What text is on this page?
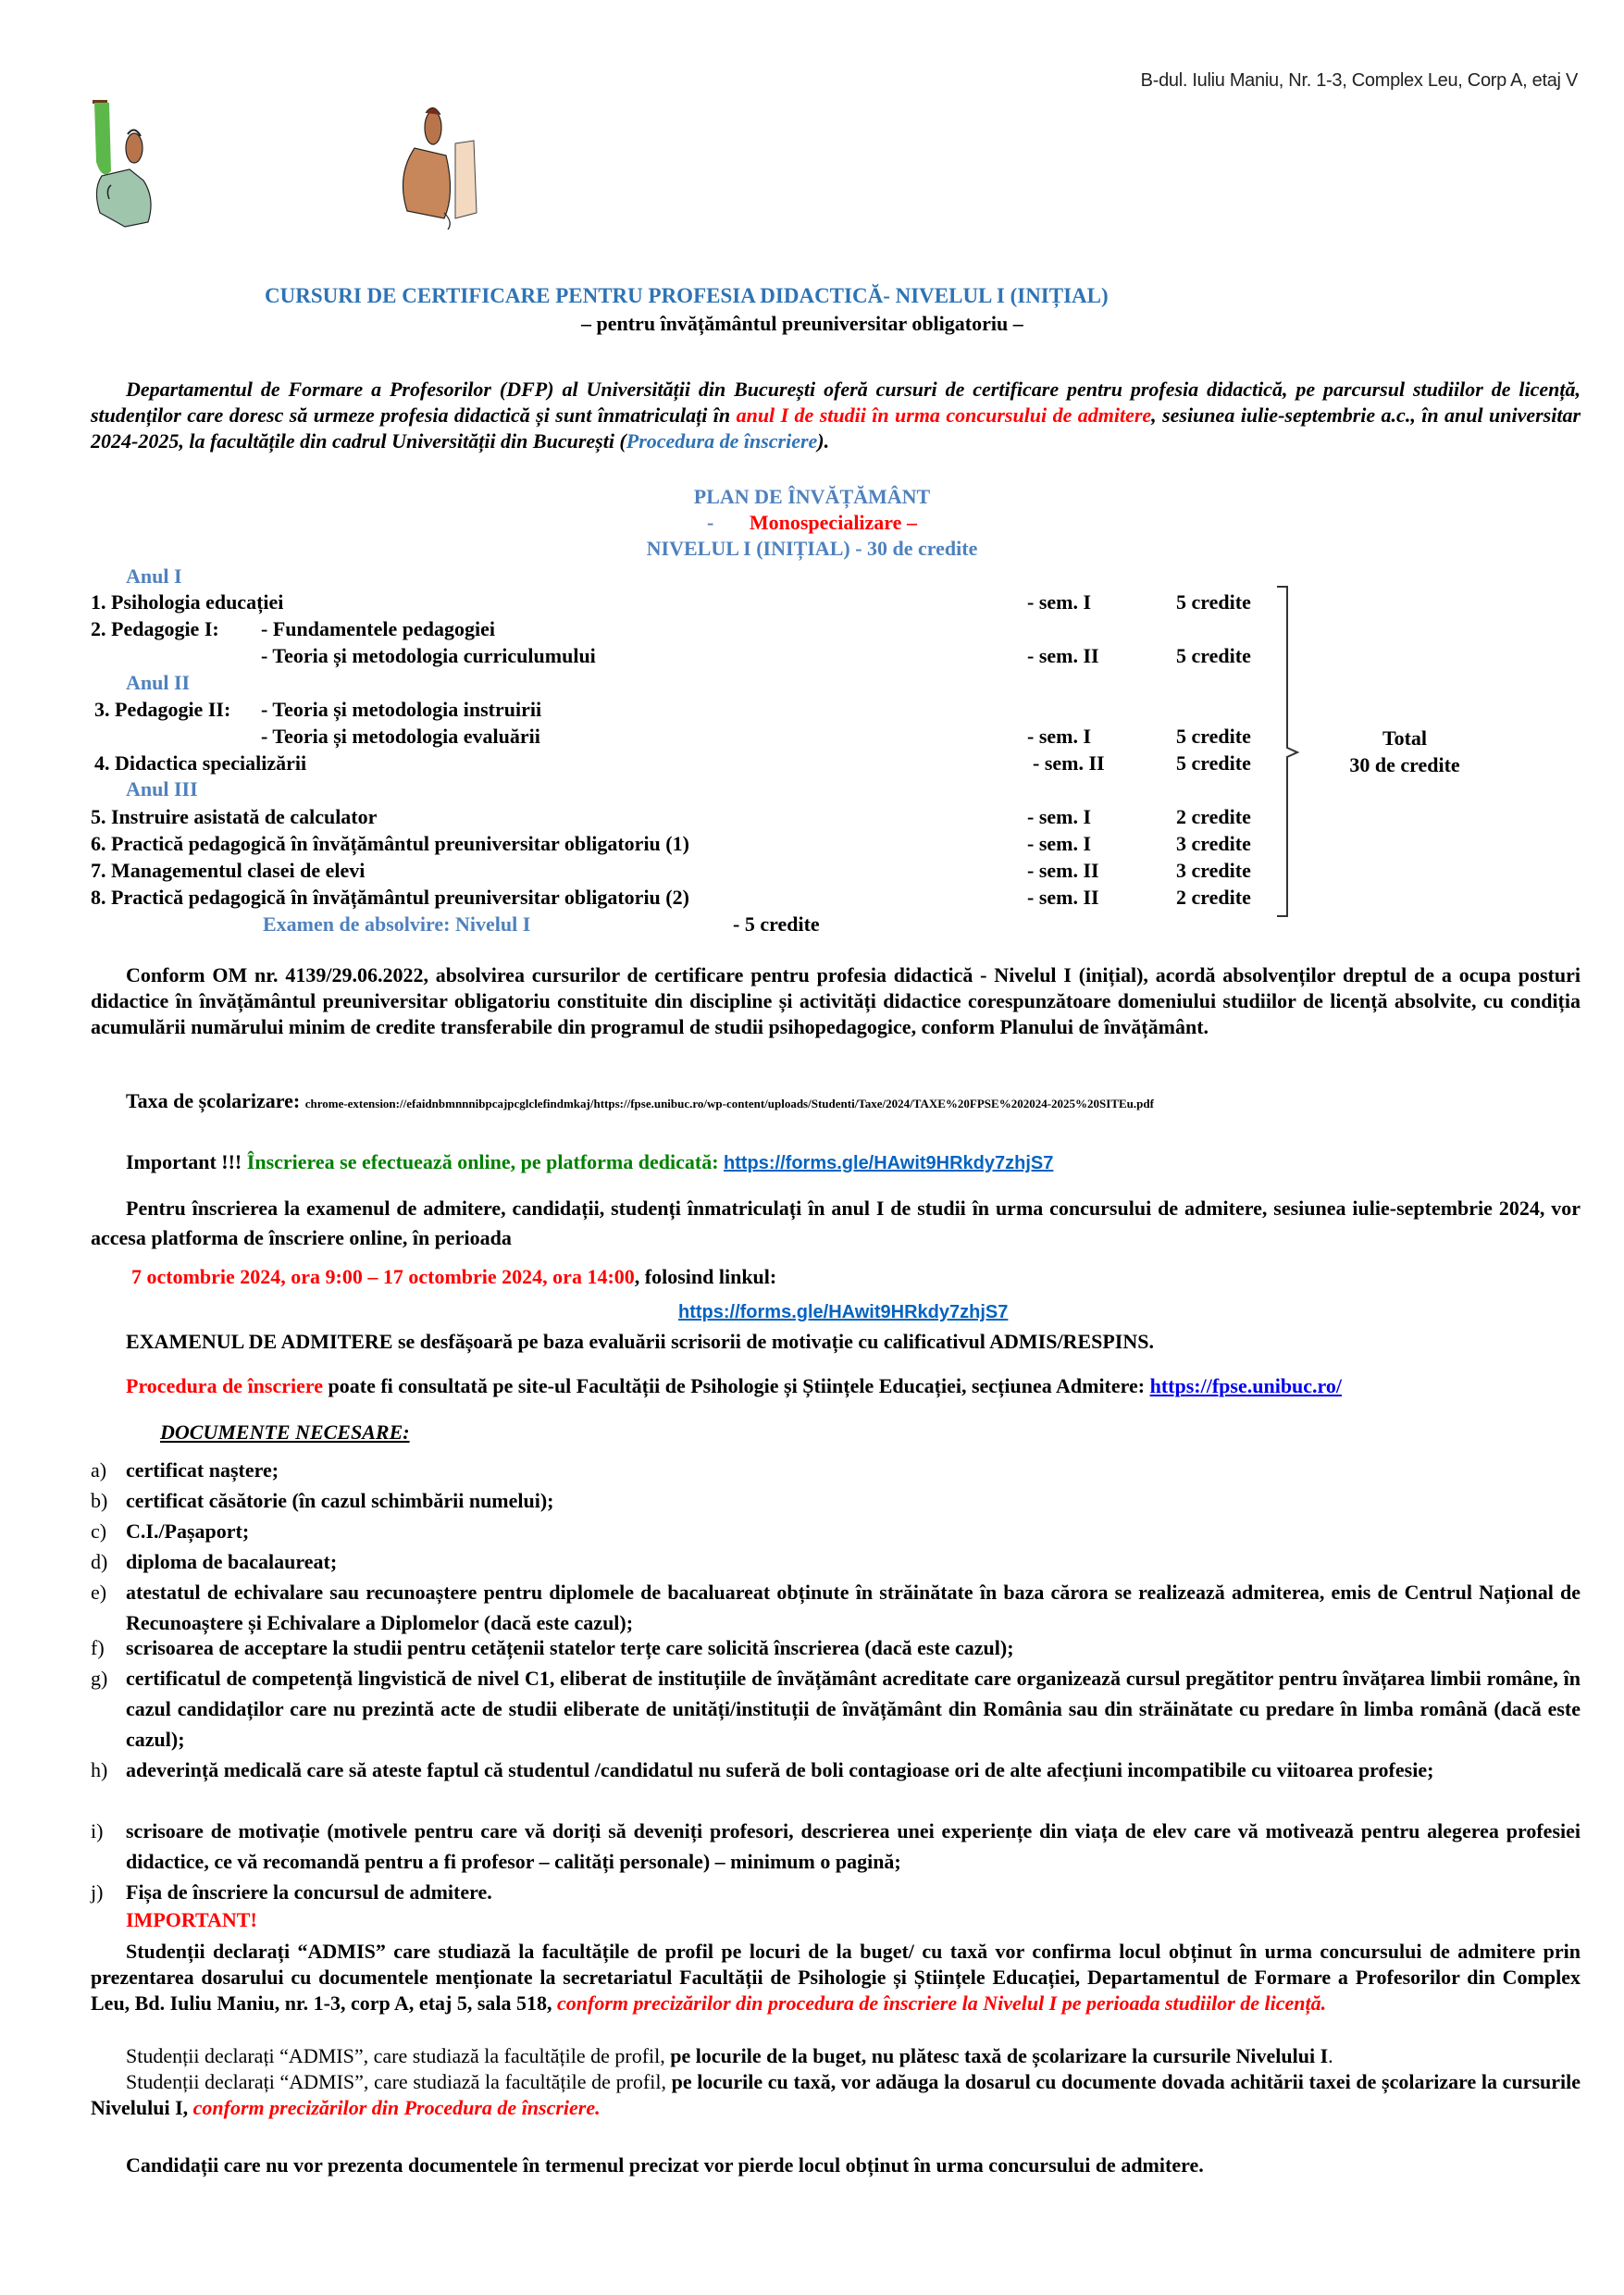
B-dul. Iuliu Maniu, Nr. 1-3, Complex Leu, Corp A, etaj V
CURSURI DE CERTIFICARE PENTRU PROFESIA DIDACTICĂ- NIVELUL I (INIȚIAL)
– pentru învățământul preuniversitar obligatoriu –
Departamentul de Formare a Profesorilor (DFP) al Universității din București oferă cursuri de certificare pentru profesia didactică, pe parcursul studiilor de licență, studenților care doresc să urmeze profesia didactică și sunt înmatriculați în anul I de studii în urma concursului de admitere, sesiunea iulie-septembrie a.c., în anul universitar 2024-2025, la facultățile din cadrul Universității din București (Procedura de înscriere).
PLAN DE ÎNVĂȚĂMÂNT
- Monospecializare –
NIVELUL I (INIȚIAL) - 30 de credite
Anul I
Anul II
Anul III
1. Psihologia educației	- sem. I	5 credite
2. Pedagogie I: - Fundamentele pedagogiei
- Teoria și metodologia curriculumului	- sem. II	5 credite
3. Pedagogie II: - Teoria și metodologia instruirii
- Teoria și metodologia evaluării	- sem. I	5 credite
4. Didactica specializării	- sem. II	5 credite
5. Instruire asistată de calculator	- sem. I	2 credite
6. Practică pedagogică în învățământul preuniversitar obligatoriu (1)	- sem. I	3 credite
7. Managementul clasei de elevi	- sem. II	3 credite
8. Practică pedagogică în învățământul preuniversitar obligatoriu (2)	- sem. II	2 credite
Examen de absolvire: Nivelul I	- 5 credite
Total
30 de credite
Conform OM nr. 4139/29.06.2022, absolvirea cursurilor de certificare pentru profesia didactică - Nivelul I (inițial), acordă absolvenților dreptul de a ocupa posturi didactice în învățământul preuniversitar obligatoriu constituite din discipline și activități didactice corespunzătoare domeniului studiilor de licență absolvite, cu condiția acumulării numărului minim de credite transferabile din programul de studii psihopedagogice, conform Planului de învățământ.
Taxa de școlarizare: chrome-extension://efaidnbmnnnibpcajpcglclefindmkaj/https://fpse.unibuc.ro/wp-content/uploads/Studenti/Taxe/2024/TAXE%20FPSE%202024-2025%20SITEu.pdf
Important !!! Înscrierea se efectuează online, pe platforma dedicată: https://forms.gle/HAwit9HRkdy7zhjS7
Pentru înscrierea la examenul de admitere, candidații, studenți înmatriculați în anul I de studii în urma concursului de admitere, sesiunea iulie-septembrie 2024, vor accesa platforma de înscriere online, în perioada
7 octombrie 2024, ora 9:00 – 17 octombrie 2024, ora 14:00, folosind linkul:
https://forms.gle/HAwit9HRkdy7zhjS7
EXAMENUL DE ADMITERE se desfășoară pe baza evaluării scrisorii de motivație cu calificativul ADMIS/RESPINS.
Procedura de înscriere poate fi consultată pe site-ul Facultății de Psihologie și Științele Educației, secțiunea Admitere: https://fpse.unibuc.ro/
DOCUMENTE NECESARE:
a) certificat naștere;
b) certificat căsătorie (în cazul schimbării numelui);
c) C.I./Pașaport;
d) diploma de bacalaureat;
e) atestatul de echivalare sau recunoaștere pentru diplomele de bacaluareat obținute în străinătate în baza cărora se realizează admiterea, emis de Centrul Național de Recunoaștere și Echivalare a Diplomelor (dacă este cazul);
f) scrisoarea de acceptare la studii pentru cetățenii statelor terțe care solicită înscrierea (dacă este cazul);
g) certificatul de competență lingvistică de nivel C1, eliberat de instituțiile de învățământ acreditate care organizează cursul pregătitor pentru învățarea limbii române, în cazul candidaților care nu prezintă acte de studii eliberate de unități/instituții de învățământ din România sau din străinătate cu predare în limba română (dacă este cazul);
h) adeverință medicală care să ateste faptul că studentul /candidatul nu suferă de boli contagioase ori de alte afecțiuni incompatibile cu viitoarea profesie;
i) scrisoare de motivație (motivele pentru care vă doriți să deveniți profesori, descrierea unei experiențe din viața de elev care vă motivează pentru alegerea profesiei didactice, ce vă recomandă pentru a fi profesor – calități personale) – minimum o pagină;
j) Fișa de înscriere la concursul de admitere.
IMPORTANT!
Studenții declarați “ADMIS” care studiază la facultățile de profil pe locuri de la buget/ cu taxă vor confirma locul obținut în urma concursului de admitere prin prezentarea dosarului cu documentele menționate la secretariatul Facultății de Psihologie și Științele Educației, Departamentul de Formare a Profesorilor din Complex Leu, Bd. Iuliu Maniu, nr. 1-3, corp A, etaj 5, sala 518, conform precizărilor din procedura de înscriere la Nivelul I pe perioada studiilor de licență.
Studenții declarați “ADMIS”, care studiază la facultățile de profil, pe locurile de la buget, nu plătesc taxă de școlarizare la cursurile Nivelului I.
Studenții declarați “ADMIS”, care studiază la facultățile de profil, pe locurile cu taxă, vor adăuga la dosarul cu documente dovada achitării taxei de școlarizare la cursurile Nivelului I, conform precizărilor din Procedura de înscriere.
Candidații care nu vor prezenta documentele în termenul precizat vor pierde locul obținut în urma concursului de admitere.
